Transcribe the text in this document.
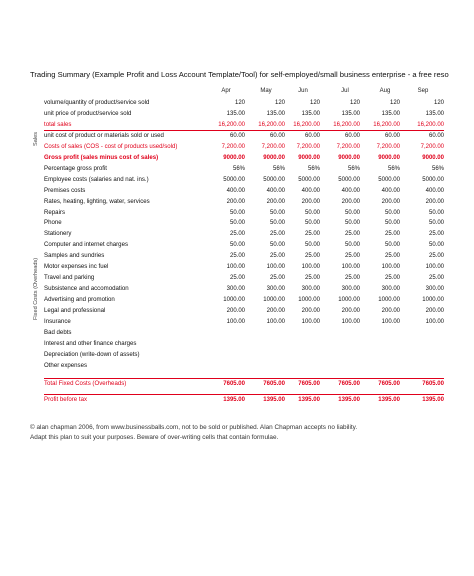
Trading Summary (Example Profit and Loss Account Template/Tool) for self-employed/small business enterprise - a free reso
Apr	May	Jun	Jul	Aug	Sep
volume/quantity of product/service sold	120	120	120	120	120	120
unit price of product/service sold	135.00	135.00	135.00	135.00	135.00	135.00
total sales	16,200.00	16,200.00	16,200.00	16,200.00	16,200.00	16,200.00
unit cost of product or materials sold or used	60.00	60.00	60.00	60.00	60.00	60.00
Costs of sales (COS - cost of products used/sold)	7,200.00	7,200.00	7,200.00	7,200.00	7,200.00	7,200.00
Gross profit (sales minus cost of sales)	9000.00	9000.00	9000.00	9000.00	9000.00	9000.00
Percentage gross profit	56%	56%	56%	56%	56%	56%
Employee costs (salaries and nat. ins.)	5000.00	5000.00	5000.00	5000.00	5000.00	5000.00
Premises costs	400.00	400.00	400.00	400.00	400.00	400.00
Rates, heating, lighting, water, services	200.00	200.00	200.00	200.00	200.00	200.00
Repairs	50.00	50.00	50.00	50.00	50.00	50.00
Phone	50.00	50.00	50.00	50.00	50.00	50.00
Stationery	25.00	25.00	25.00	25.00	25.00	25.00
Computer and internet charges	50.00	50.00	50.00	50.00	50.00	50.00
Samples and sundries	25.00	25.00	25.00	25.00	25.00	25.00
Motor expenses inc fuel	100.00	100.00	100.00	100.00	100.00	100.00
Travel and parking	25.00	25.00	25.00	25.00	25.00	25.00
Subsistence and accomodation	300.00	300.00	300.00	300.00	300.00	300.00
Advertising and promotion	1000.00	1000.00	1000.00	1000.00	1000.00	1000.00
Legal and professional	200.00	200.00	200.00	200.00	200.00	200.00
Insurance	100.00	100.00	100.00	100.00	100.00	100.00
Bad debts
Interest and other finance charges
Depreciation (write-down of assets)
Other expenses
Total Fixed Costs (Overheads)	7605.00	7605.00	7605.00	7605.00	7605.00	7605.00
Profit before tax	1395.00	1395.00	1395.00	1395.00	1395.00	1395.00
Sales
Fixed Costs (Overheads)
© alan chapman 2006, from www.businessballs.com, not to be sold or published. Alan Chapman accepts no liability.
Adapt this plan to suit your purposes. Beware of over-writing cells that contain formulae.
